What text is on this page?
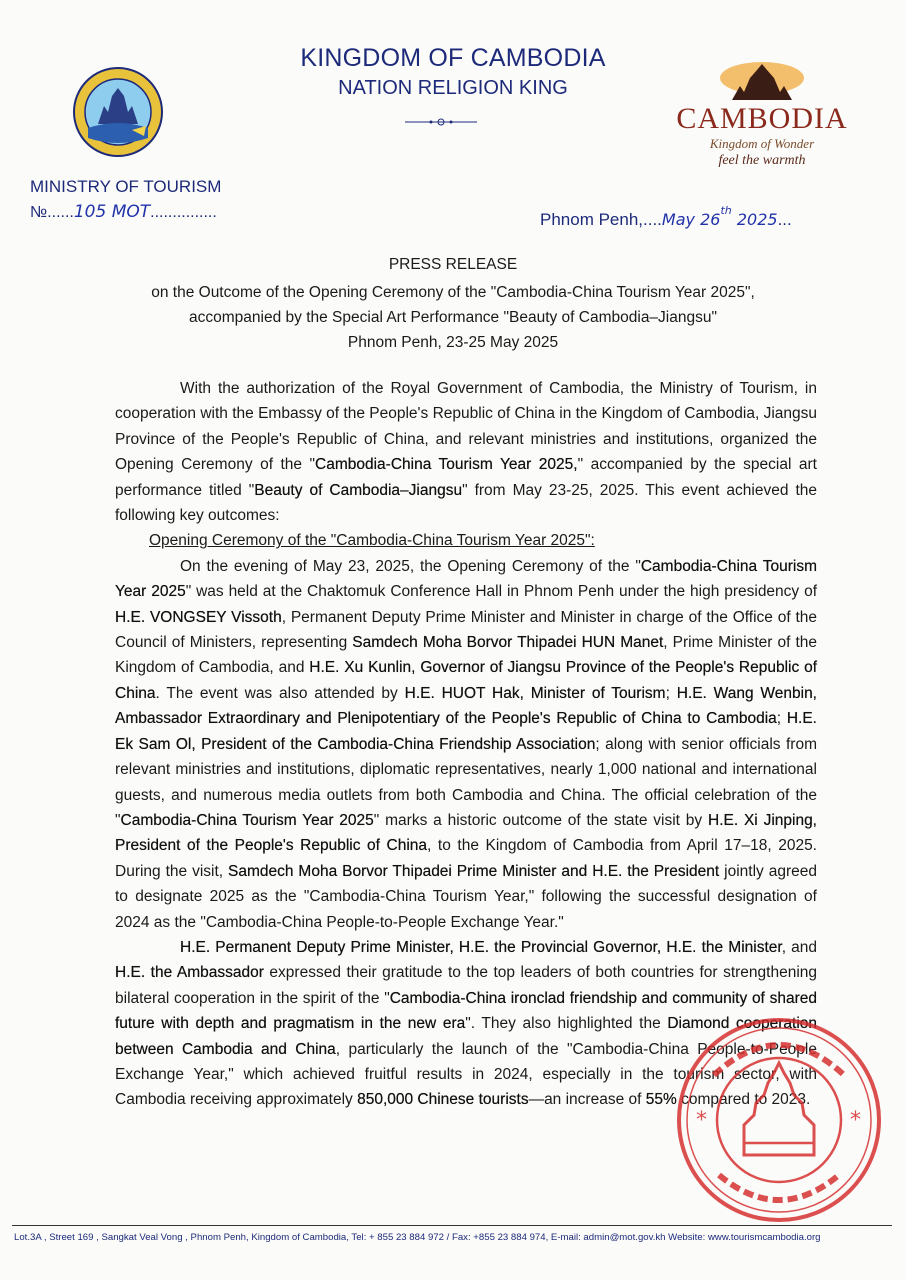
KINGDOM OF CAMBODIA
NATION RELIGION KING
CAMBODIA
Kingdom of Wonder
feel the warmth
MINISTRY OF TOURISM
№......105 MOT...............	Phnom Penh,....May 26th 2025...
PRESS RELEASE
on the Outcome of the Opening Ceremony of the "Cambodia-China Tourism Year 2025",
accompanied by the Special Art Performance "Beauty of Cambodia–Jiangsu"
Phnom Penh, 23-25 May 2025

With the authorization of the Royal Government of Cambodia, the Ministry of Tourism, in cooperation with the Embassy of the People's Republic of China in the Kingdom of Cambodia, Jiangsu Province of the People's Republic of China, and relevant ministries and institutions, organized the Opening Ceremony of the "Cambodia-China Tourism Year 2025," accompanied by the special art performance titled "Beauty of Cambodia–Jiangsu" from May 23-25, 2025. This event achieved the following key outcomes:

Opening Ceremony of the "Cambodia-China Tourism Year 2025":

On the evening of May 23, 2025, the Opening Ceremony of the "Cambodia-China Tourism Year 2025" was held at the Chaktomuk Conference Hall in Phnom Penh under the high presidency of H.E. VONGSEY Vissoth, Permanent Deputy Prime Minister and Minister in charge of the Office of the Council of Ministers, representing Samdech Moha Borvor Thipadei HUN Manet, Prime Minister of the Kingdom of Cambodia, and H.E. Xu Kunlin, Governor of Jiangsu Province of the People's Republic of China. The event was also attended by H.E. HUOT Hak, Minister of Tourism; H.E. Wang Wenbin, Ambassador Extraordinary and Plenipotentiary of the People's Republic of China to Cambodia; H.E. Ek Sam Ol, President of the Cambodia-China Friendship Association; along with senior officials from relevant ministries and institutions, diplomatic representatives, nearly 1,000 national and international guests, and numerous media outlets from both Cambodia and China. The official celebration of the "Cambodia-China Tourism Year 2025" marks a historic outcome of the state visit by H.E. Xi Jinping, President of the People's Republic of China, to the Kingdom of Cambodia from April 17–18, 2025. During the visit, Samdech Moha Borvor Thipadei Prime Minister and H.E. the President jointly agreed to designate 2025 as the "Cambodia-China Tourism Year," following the successful designation of 2024 as the "Cambodia-China People-to-People Exchange Year."

H.E. Permanent Deputy Prime Minister, H.E. the Provincial Governor, H.E. the Minister, and H.E. the Ambassador expressed their gratitude to the top leaders of both countries for strengthening bilateral cooperation in the spirit of the "Cambodia-China ironclad friendship and community of shared future with depth and pragmatism in the new era". They also highlighted the Diamond cooperation between Cambodia and China, particularly the launch of the "Cambodia-China People-to-People Exchange Year," which achieved fruitful results in 2024, especially in the tourism sector, with Cambodia receiving approximately 850,000 Chinese tourists—an increase of 55% compared to 2023.

*	*
Lot.3A , Street 169 , Sangkat Veal Vong , Phnom Penh, Kingdom of Cambodia, Tel: + 855 23 884 972 / Fax: +855 23 884 974, E-mail: admin@mot.gov.kh Website: www.tourismcambodia.org
